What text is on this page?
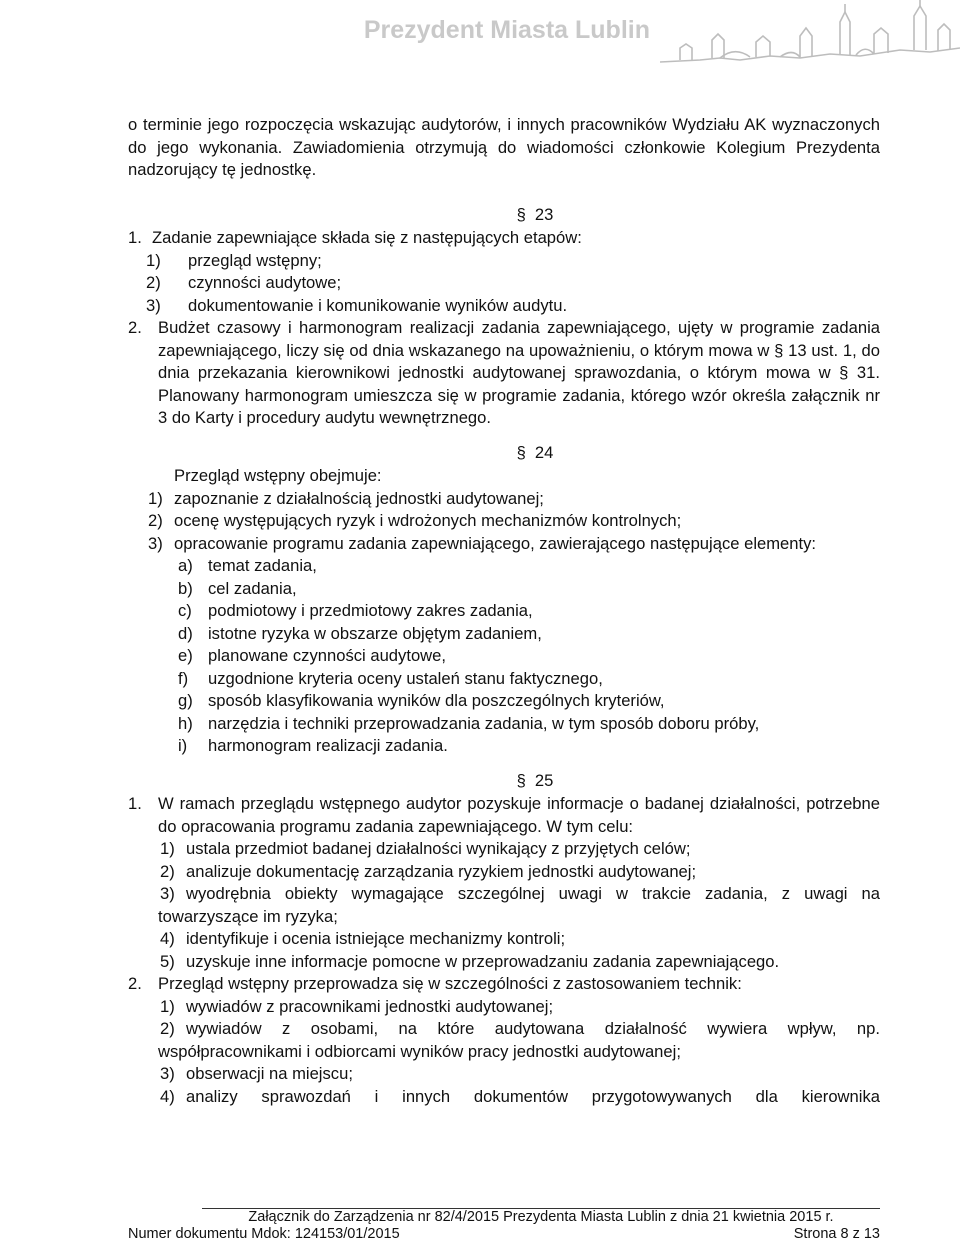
Prezydent Miasta Lublin
o terminie jego rozpoczęcia wskazując audytorów, i innych pracowników Wydziału AK wyznaczonych do jego wykonania. Zawiadomienia otrzymują do wiadomości członkowie Kolegium Prezydenta nadzorujący tę jednostkę.
§ 23
1. Zadanie zapewniające składa się z następujących etapów:
1) przegląd wstępny;
2) czynności audytowe;
3) dokumentowanie i komunikowanie wyników audytu.
2. Budżet czasowy i harmonogram realizacji zadania zapewniającego, ujęty w programie zadania zapewniającego, liczy się od dnia wskazanego na upoważnieniu, o którym mowa w § 13 ust. 1, do dnia przekazania kierownikowi jednostki audytowanej sprawozdania, o którym mowa w § 31. Planowany harmonogram umieszcza się w programie zadania, którego wzór określa załącznik nr 3 do Karty i procedury audytu wewnętrznego.
§ 24
Przegląd wstępny obejmuje:
1) zapoznanie z działalnością jednostki audytowanej;
2) ocenę występujących ryzyk i wdrożonych mechanizmów kontrolnych;
3) opracowanie programu zadania zapewniającego, zawierającego następujące elementy:
a) temat zadania,
b) cel zadania,
c) podmiotowy i przedmiotowy zakres zadania,
d) istotne ryzyka w obszarze objętym zadaniem,
e) planowane czynności audytowe,
f) uzgodnione kryteria oceny ustaleń stanu faktycznego,
g) sposób klasyfikowania wyników dla poszczególnych kryteriów,
h) narzędzia i techniki przeprowadzania zadania, w tym sposób doboru próby,
i) harmonogram realizacji zadania.
§ 25
1. W ramach przeglądu wstępnego audytor pozyskuje informacje o badanej działalności, potrzebne do opracowania programu zadania zapewniającego. W tym celu:
1) ustala przedmiot badanej działalności wynikający z przyjętych celów;
2) analizuje dokumentację zarządzania ryzykiem jednostki audytowanej;
3) wyodrębnia obiekty wymagające szczególnej uwagi w trakcie zadania, z uwagi na towarzyszące im ryzyka;
4) identyfikuje i ocenia istniejące mechanizmy kontroli;
5) uzyskuje inne informacje pomocne w przeprowadzaniu zadania zapewniającego.
2. Przegląd wstępny przeprowadza się w szczególności z zastosowaniem technik:
1) wywiadów z pracownikami jednostki audytowanej;
2) wywiadów z osobami, na które audytowana działalność wywiera wpływ, np. współpracownikami i odbiorcami wyników pracy jednostki audytowanej;
3) obserwacji na miejscu;
4) analizy sprawozdań i innych dokumentów przygotowywanych dla kierownika
Załącznik do Zarządzenia nr 82/4/2015 Prezydenta Miasta Lublin z dnia 21 kwietnia 2015 r.
Numer dokumentu Mdok: 124153/01/2015	Strona 8 z 13
